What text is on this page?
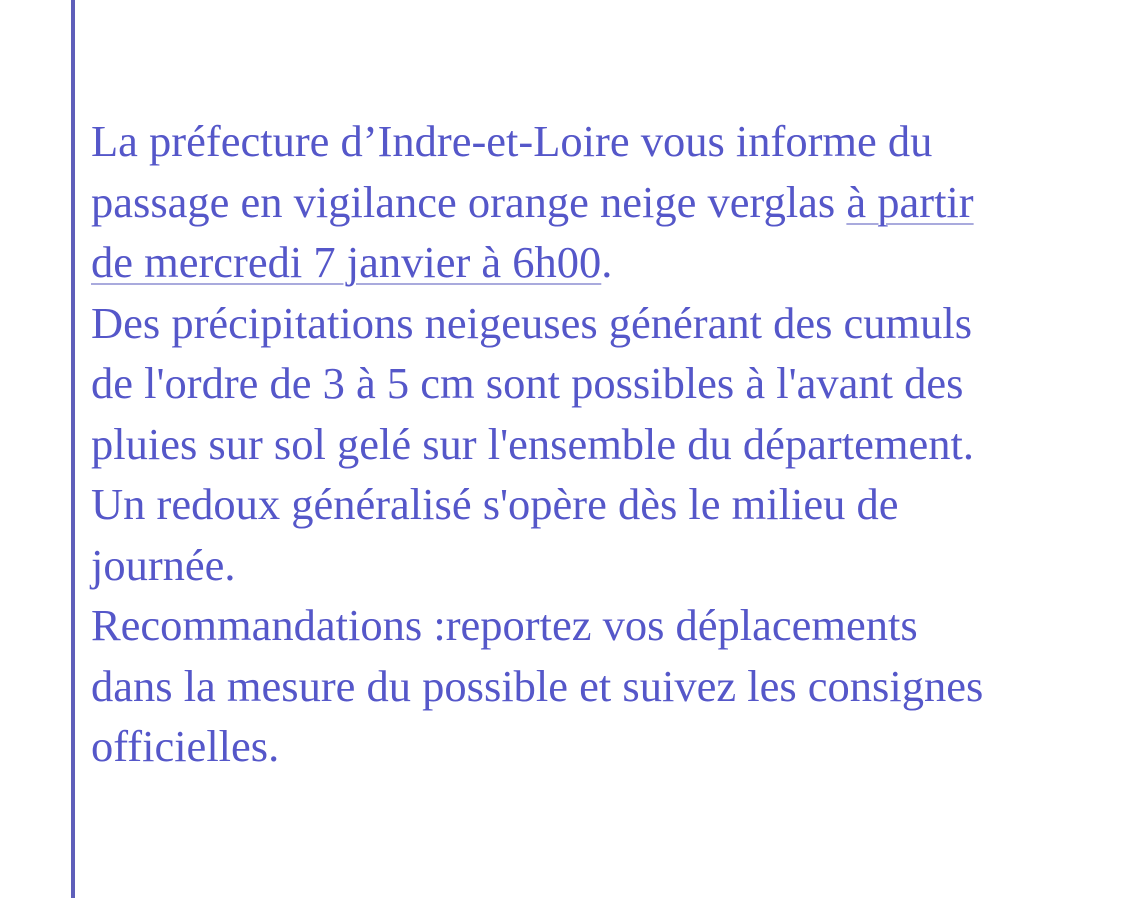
La préfecture d’Indre-et-Loire vous informe du

passage en vigilance orange neige verglas à partir

de mercredi 7 janvier à 6h00.

Des précipitations neigeuses générant des cumuls

de l'ordre de 3 à 5 cm sont possibles à l'avant des

pluies sur sol gelé sur l'ensemble du département.

Un redoux généralisé s'opère dès le milieu de

journée.

Recommandations :reportez vos déplacements

dans la mesure du possible et suivez les consignes

officielles.
